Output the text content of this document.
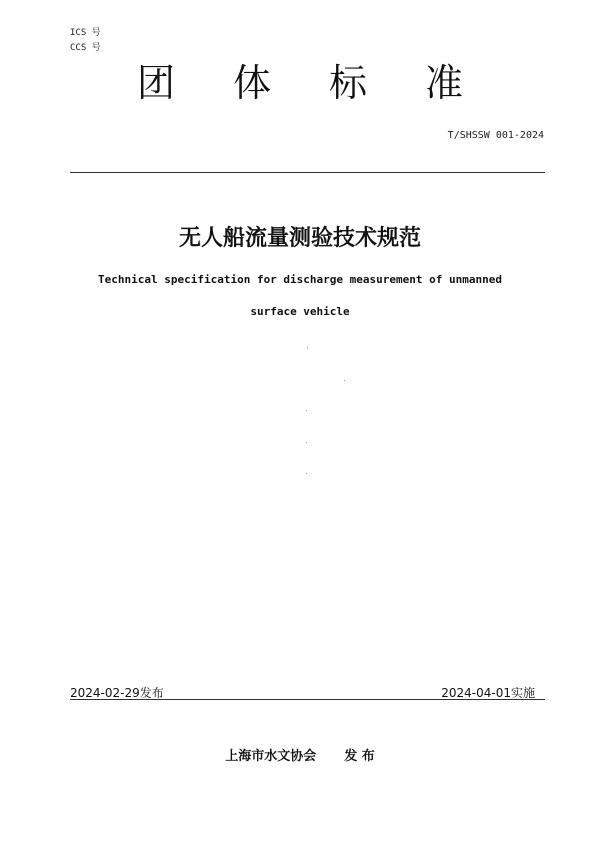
ICS 号
CCS 号
团体标准
T/SHSSW 001-2024
无人船流量测验技术规范
Technical specification for discharge measurement of unmanned
surface vehicle
2024-02-29发布	2024-04-01实施
上海市水文协会 发 布
